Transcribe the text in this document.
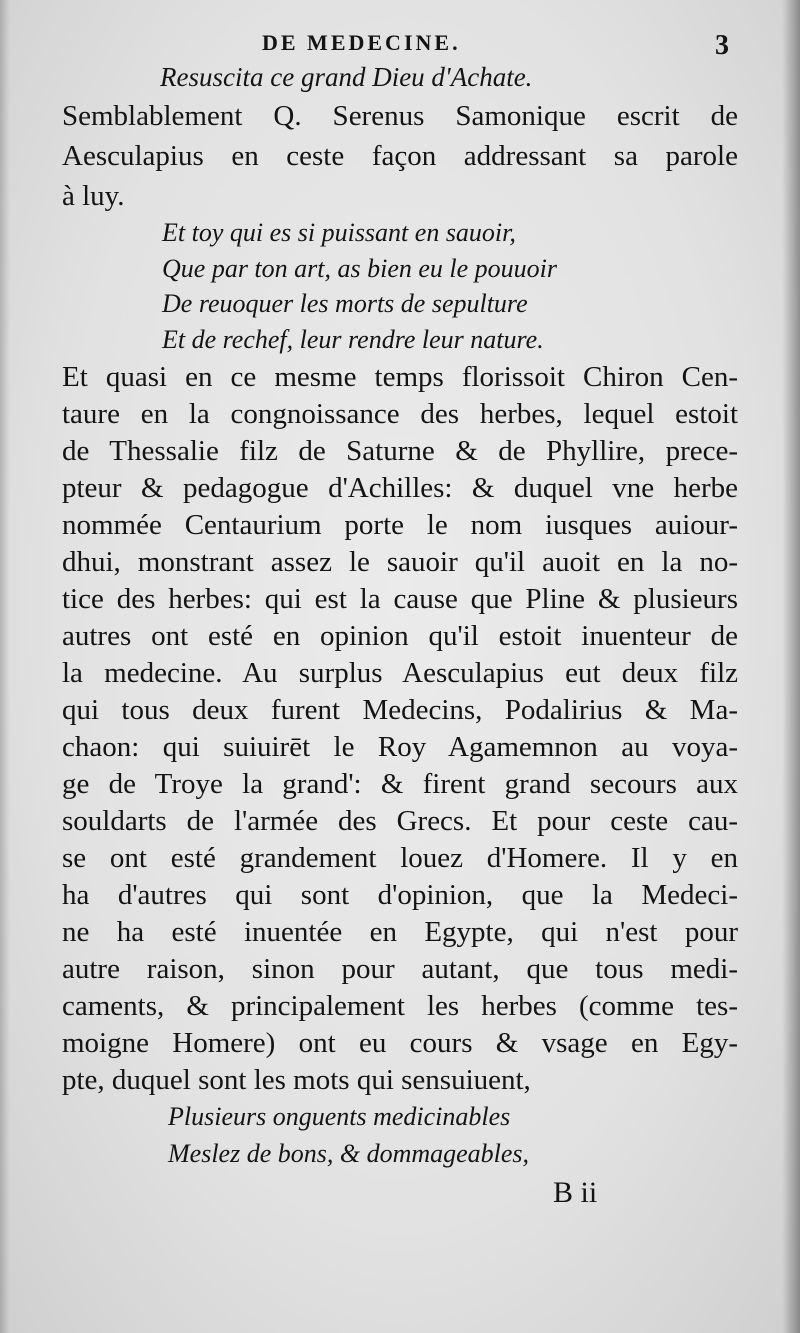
DE MEDECINE.	3
Resuscita ce grand Dieu d'Achate.
Semblablement Q. Serenus Samonique escrit de
Aesculapius en ceste façon addressant sa parole
à luy.
Et toy qui es si puissant en sauoir,
Que par ton art, as bien eu le pouuoir
De reuoquer les morts de sepulture
Et de rechef, leur rendre leur nature.
Et quasi en ce mesme temps florissoit Chiron Cen-
taure en la congnoissance des herbes, lequel estoit
de Thessalie filz de Saturne & de Phyllire, prece-
pteur & pedagogue d'Achilles: & duquel vne herbe
nommée Centaurium porte le nom iusques auiour-
dhui, monstrant assez le sauoir qu'il auoit en la no-
tice des herbes: qui est la cause que Pline & plusieurs
autres ont esté en opinion qu'il estoit inuenteur de
la medecine. Au surplus Aesculapius eut deux filz
qui tous deux furent Medecins, Podalirius & Ma-
chaon: qui suiuirēt le Roy Agamemnon au voya-
ge de Troye la grand': & firent grand secours aux
souldarts de l'armée des Grecs. Et pour ceste cau-
se ont esté grandement louez d'Homere. Il y en
ha d'autres qui sont d'opinion, que la Medeci-
ne ha esté inuentée en Egypte, qui n'est pour
autre raison, sinon pour autant, que tous medi-
caments, & principalement les herbes (comme tes-
moigne Homere) ont eu cours & vsage en Egy-
pte, duquel sont les mots qui sensuiuent,
Plusieurs onguents medicinables
Meslez de bons, & dommageables,
B ii
